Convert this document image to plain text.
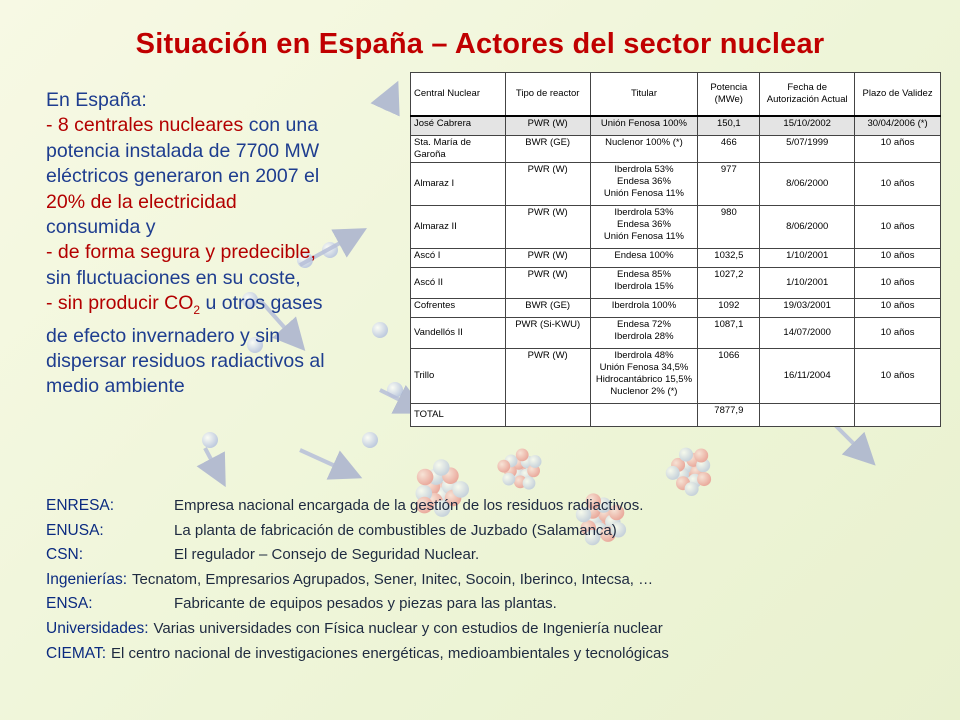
Situación en España – Actores del sector nuclear
En España:
- 8 centrales nucleares con una
potencia instalada de 7700 MW
eléctricos generaron en 2007 el
20% de la electricidad
consumida y
- de forma segura y predecible,
sin fluctuaciones en su coste,
- sin producir $CO_2$ u otros gases
de efecto invernadero y sin
dispersar residuos radiactivos al
medio ambiente
Central Nuclear	Tipo de reactor	Titular	Potencia
(MWe)	Fecha de
Autorización Actual	Plazo de Validez
José Cabrera	PWR (W)	Unión Fenosa 100%	150,1	15/10/2002	30/04/2006 (*)
Sta. María de Garoña	BWR (GE)	Nuclenor 100% (*)	466	5/07/1999	10 años
Almaraz I	PWR (W)	Iberdrola 53%
Endesa 36%
Unión Fenosa 11%	977	8/06/2000	10 años
Almaraz II	PWR (W)	Iberdrola 53%
Endesa 36%
Unión Fenosa 11%	980	8/06/2000	10 años
Ascó I	PWR (W)	Endesa 100%	1032,5	1/10/2001	10 años
Ascó II	PWR (W)	Endesa 85%
Iberdrola 15%	1027,2	1/10/2001	10 años
Cofrentes	BWR (GE)	Iberdrola 100%	1092	19/03/2001	10 años
Vandellós II	PWR (Si-KWU)	Endesa 72%
Iberdrola 28%	1087,1	14/07/2000	10 años
Trillo	PWR (W)	Iberdrola 48%
Unión Fenosa 34,5%
Hidrocantábrico 15,5%
Nuclenor 2% (*)	1066	16/11/2004	10 años
TOTAL			7877,9		
ENRESA:	Empresa nacional encargada de la gestión de los residuos radiactivos.
ENUSA:	La planta de fabricación de combustibles de Juzbado (Salamanca)
CSN:	El regulador – Consejo de Seguridad Nuclear.
Ingenierías: Tecnatom, Empresarios Agrupados, Sener, Initec, Socoin, Iberinco, Intecsa, …
ENSA:	Fabricante de equipos pesados y piezas para las plantas.
Universidades: Varias universidades con Física nuclear y con estudios de Ingeniería nuclear
CIEMAT: El centro nacional de investigaciones energéticas, medioambientales y tecnológicas
